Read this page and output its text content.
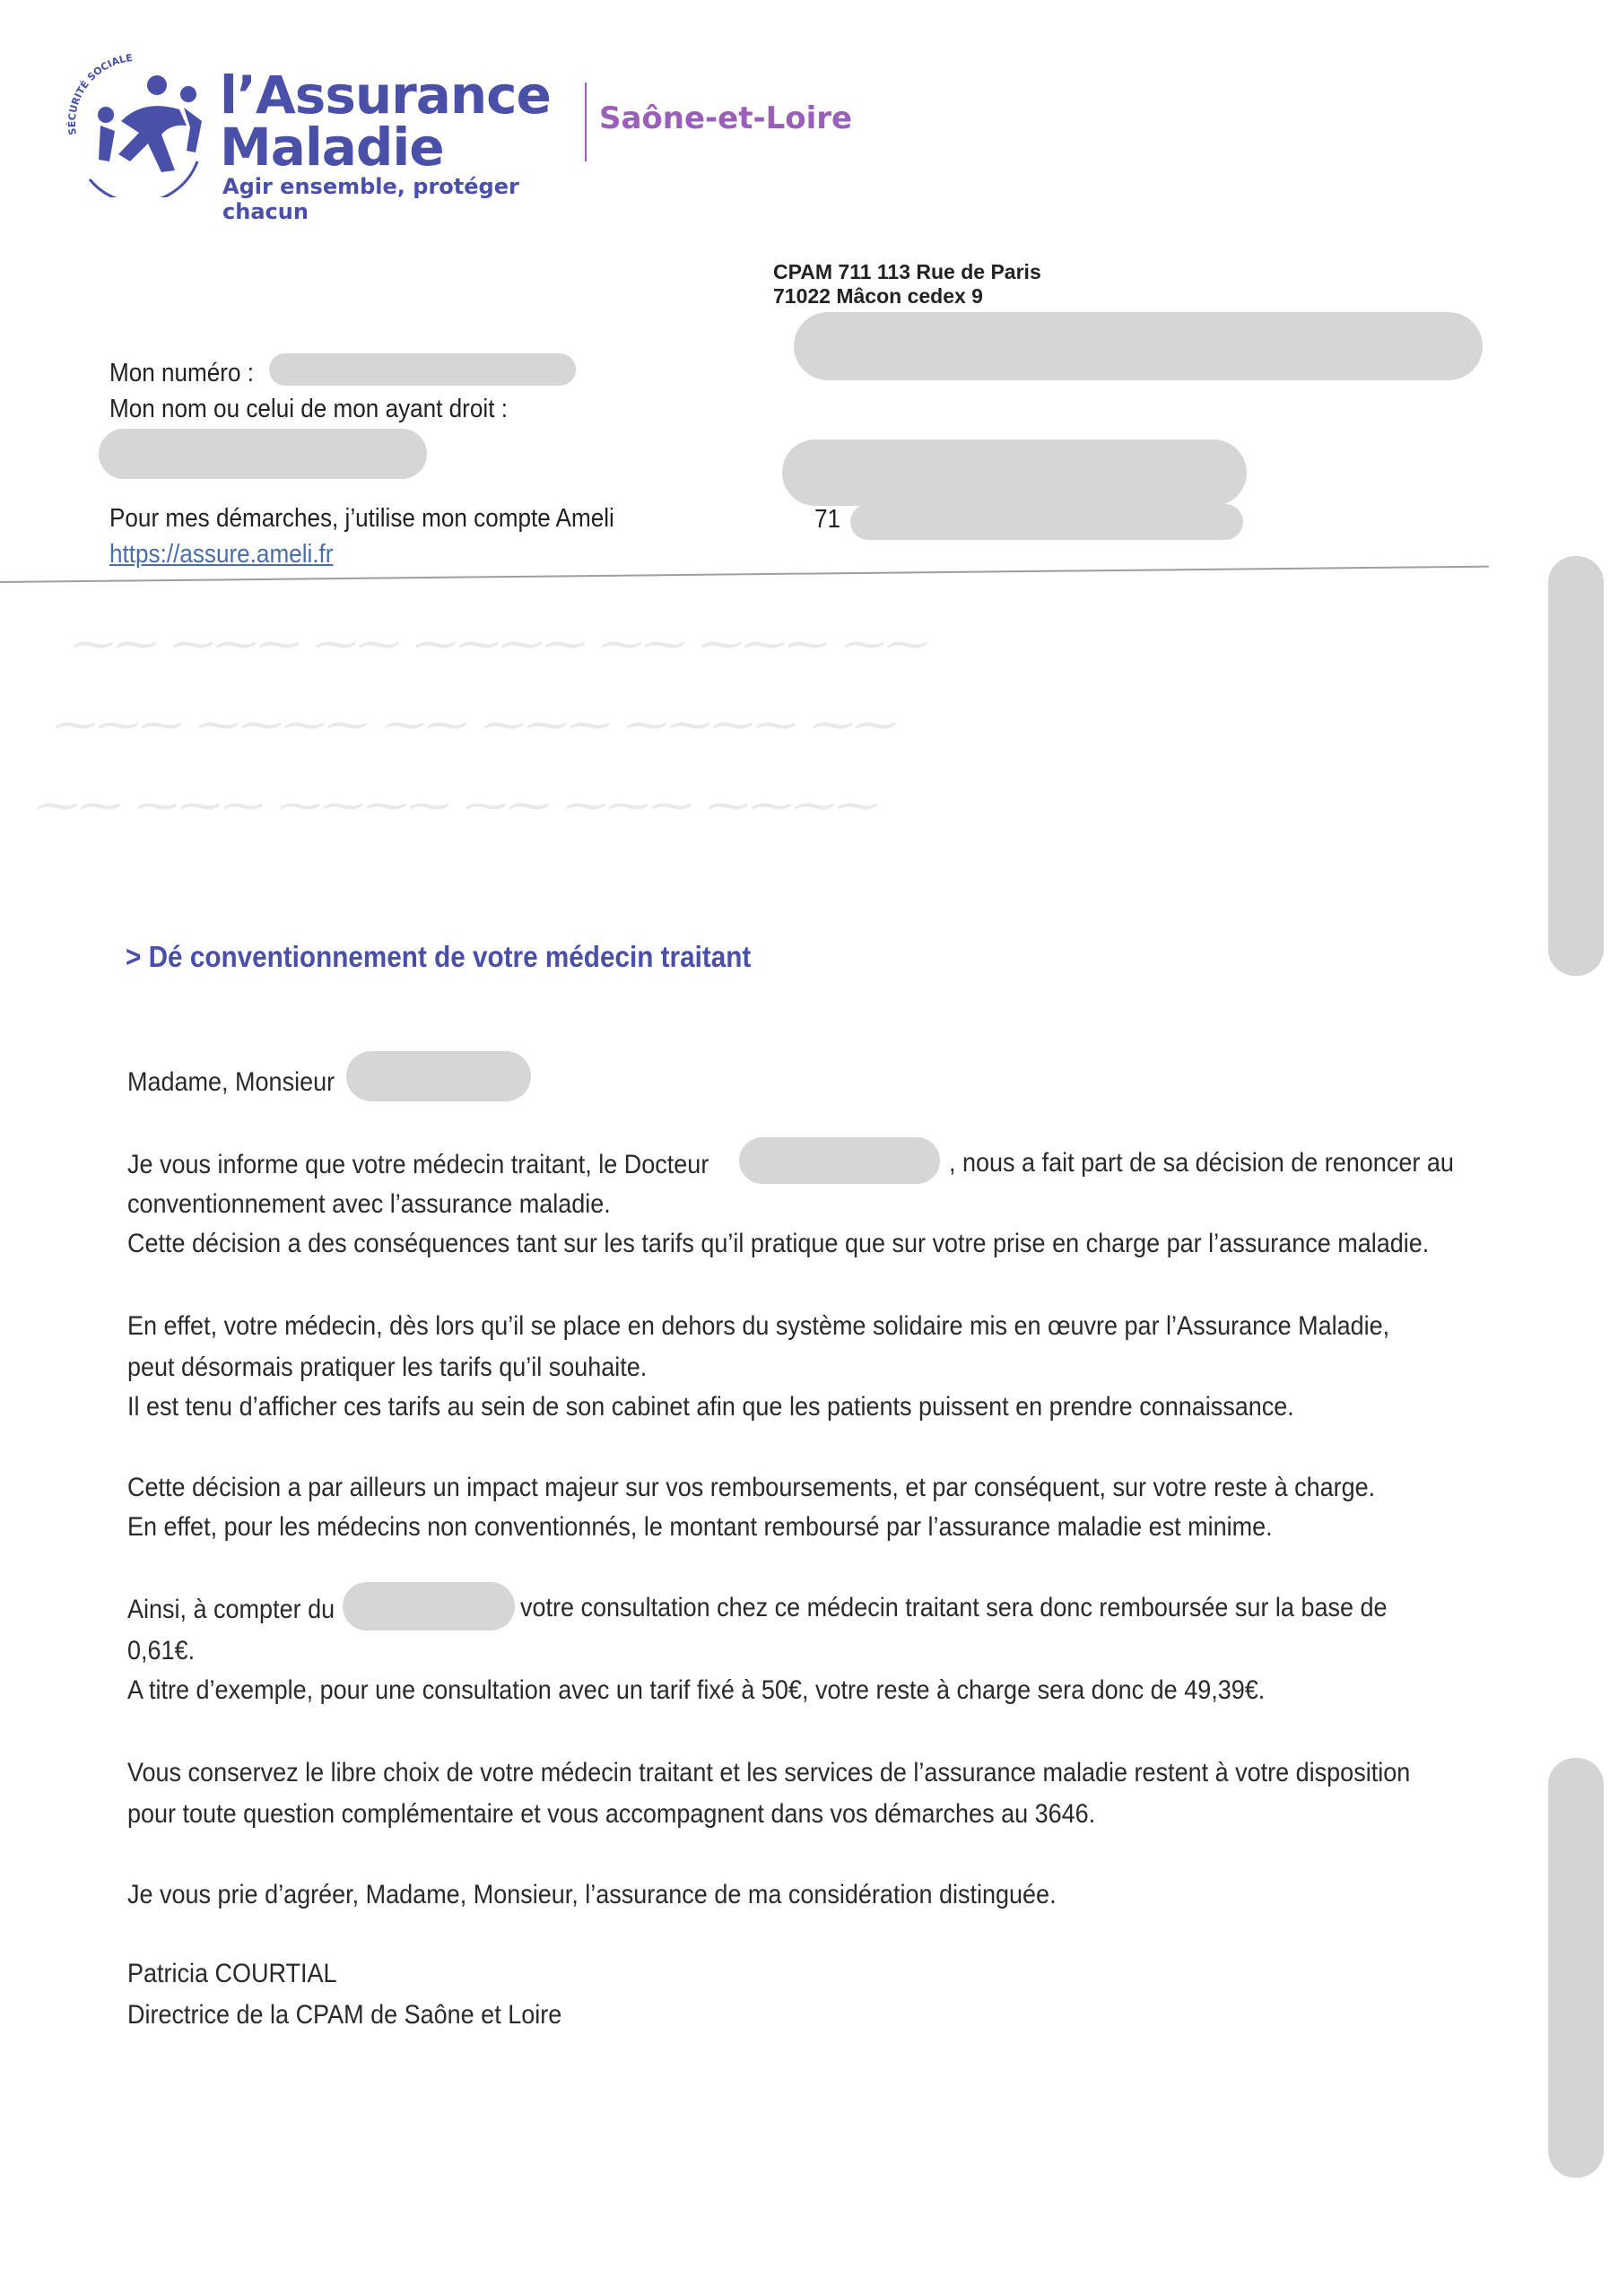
SÉCURITÉ SOCIALE
l’Assurance
Maladie
Agir ensemble, protéger chacun
Saône-et-Loire
CPAM 711 113 Rue de Paris
71022 Mâcon cedex 9
71
Mon numéro :
Mon nom ou celui de mon ayant droit :
Pour mes démarches, j’utilise mon compte Ameli
https://assure.ameli.fr
⁓⁓ ⁓⁓⁓ ⁓⁓ ⁓⁓⁓⁓ ⁓⁓ ⁓⁓⁓ ⁓⁓
⁓⁓⁓ ⁓⁓⁓⁓ ⁓⁓ ⁓⁓⁓ ⁓⁓⁓⁓ ⁓⁓
⁓⁓ ⁓⁓⁓ ⁓⁓⁓⁓ ⁓⁓ ⁓⁓⁓ ⁓⁓⁓⁓
> Dé conventionnement de votre médecin traitant
Madame, Monsieur
Je vous informe que votre médecin traitant, le Docteur	, nous a fait part de sa décision de renoncer au
conventionnement avec l’assurance maladie.
Cette décision a des conséquences tant sur les tarifs qu’il pratique que sur votre prise en charge par l’assurance maladie.
En effet, votre médecin, dès lors qu’il se place en dehors du système solidaire mis en œuvre par l’Assurance Maladie,
peut désormais pratiquer les tarifs qu’il souhaite.
Il est tenu d’afficher ces tarifs au sein de son cabinet afin que les patients puissent en prendre connaissance.
Cette décision a par ailleurs un impact majeur sur vos remboursements, et par conséquent, sur votre reste à charge.
En effet, pour les médecins non conventionnés, le montant remboursé par l’assurance maladie est minime.
Ainsi, à compter du	votre consultation chez ce médecin traitant sera donc remboursée sur la base de
0,61€.
A titre d’exemple, pour une consultation avec un tarif fixé à 50€, votre reste à charge sera donc de 49,39€.
Vous conservez le libre choix de votre médecin traitant et les services de l’assurance maladie restent à votre disposition
pour toute question complémentaire et vous accompagnent dans vos démarches au 3646.
Je vous prie d’agréer, Madame, Monsieur, l’assurance de ma considération distinguée.
Patricia COURTIAL
Directrice de la CPAM de Saône et Loire
